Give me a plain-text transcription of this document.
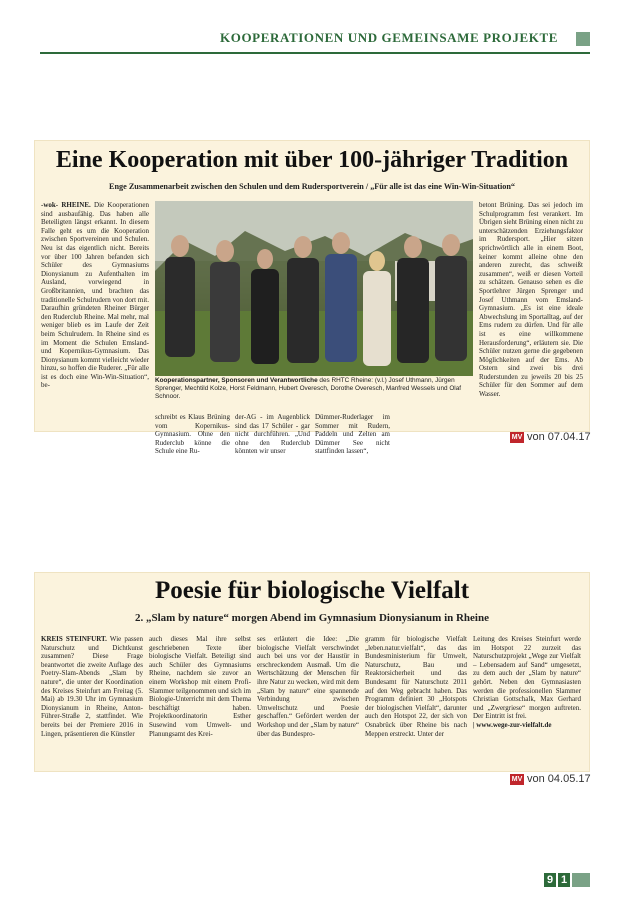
KOOPERATIONEN UND GEMEINSAME PROJEKTE
Eine Kooperation mit über 100-jähriger Tradition
Enge Zusammenarbeit zwischen den Schulen und dem Rudersportverein / „Für alle ist das eine Win-Win-Situation“
-wok- RHEINE. Die Kooperationen sind ausbaufähig. Das haben alle Beteiligten längst erkannt. In diesem Falle geht es um die Kooperation zwischen Sportvereinen und Schulen. Neu ist das eigentlich nicht. Bereits vor über 100 Jahren befanden sich Schüler des Gymnasiums Dionysianum zu Aufenthalten im Ausland, vorwiegend in Großbritannien, und brachten das traditionelle Schulrudern von dort mit. Daraufhin gründeten Rheiner Bürger den Ruderclub Rheine. Mal mehr, mal weniger blieb es im Laufe der Zeit beim Schulrudern. In Rheine sind es im Moment die Schulen Emsland- und Kopernikus-Gymnasium. Das Dionysianum kommt vielleicht wieder hinzu, so hoffen die Ruderer. „Für alle ist es doch eine Win-Win-Situation“, be-
Kooperationspartner, Sponsoren und Verantwortliche des RHTC Rheine: (v.l.) Josef Uthmann, Jürgen Sprenger, Mechtild Kolze, Horst Feldmann, Hubert Overesch, Dorothe Overesch, Manfred Wessels und Olaf Schnoor.
schreibt es Klaus Brüning vom Kopernikus-Gymnasium. Ohne den Ruderclub könne die Schule eine Ru-
der-AG - im Augenblick sind das 17 Schüler - gar nicht durchführen. „Und ohne den Ruderclub könnten wir unser
Dümmer-Ruderlager im Sommer mit Rudern, Paddeln und Zelten am Dümmer See nicht stattfinden lassen“,
betont Brüning. Das sei jedoch im Schulprogramm fest verankert. Im Übrigen sieht Brüning einen nicht zu unterschätzenden Erziehungsfaktor im Rudersport. „Hier sitzen sprichwörtlich alle in einem Boot, keiner kommt alleine ohne den anderen zurecht, das schweißt zusammen“, weiß er diesen Vorteil zu schätzen. Genauso sehen es die Sportlehrer Jürgen Sprenger und Josef Uthmann vom Emsland-Gymnasium. „Es ist eine ideale Abwechslung im Sportalltag, auf der Ems rudern zu dürfen. Und für alle ist es eine willkommene Herausforderung“, erläutern sie. Die Schüler nutzen gerne die gegebenen Möglichkeiten auf der Ems. Ab Ostern sind zwei bis drei Ruderstunden zu jeweils 20 bis 25 Schüler für den Sommer auf dem Wasser.
MV von 07.04.17
Poesie für biologische Vielfalt
2. „Slam by nature“ morgen Abend im Gymnasium Dionysianum in Rheine
KREIS STEINFURT. Wie passen Naturschutz und Dichtkunst zusammen? Diese Frage beantwortet die zweite Auflage des Poetry-Slam-Abends „Slam by nature“, die unter der Koordination des Kreises Steinfurt am Freitag (5. Mai) ab 19.30 Uhr im Gymnasium Dionysianum in Rheine, Anton-Führer-Straße 2, stattfindet. Wie bereits bei der Premiere 2016 in Lingen, präsentieren die Künstler
auch dieses Mal ihre selbst geschriebenen Texte über biologische Vielfalt. Beteiligt sind auch Schüler des Gymnasiums Rheine, nachdem sie zuvor an einem Workshop mit einem Profi-Slammer teilgenommen und sich im Biologie-Unterricht mit dem Thema beschäftigt haben. Projektkoordinatorin Esther Susewind vom Umwelt- und Planungsamt des Krei-
ses erläutert die Idee: „Die biologische Vielfalt verschwindet auch bei uns vor der Haustür in erschreckendem Ausmaß. Um die Wertschätzung der Menschen für ihre Natur zu wecken, wird mit dem „Slam by nature“ eine spannende Verbindung zwischen Umweltschutz und Poesie geschaffen.“ Gefördert werden der Workshop und der „Slam by nature“ über das Bundespro-
gramm für biologische Vielfalt „leben.natur.vielfalt“, das das Bundesministerium für Umwelt, Naturschutz, Bau und Reaktorsicherheit und das Bundesamt für Naturschutz 2011 auf den Weg gebracht haben. Das Programm definiert 30 „Hotspots der biologischen Vielfalt“, darunter auch den Hotspot 22, der sich von Osnabrück über Rheine bis nach Meppen erstreckt. Unter der
Leitung des Kreises Steinfurt werde im Hotspot 22 zurzeit das Naturschutzprojekt „Wege zur Vielfalt – Lebensadern auf Sand“ umgesetzt, zu dem auch der „Slam by nature“ gehört. Neben den Gymnasiasten werden die professionellen Slammer Christian Gottschalk, Max Gerhard und „Zwergriese“ morgen auftreten. Der Eintritt ist frei.
| www.wege-zur-vielfalt.de
MV von 04.05.17
9 1
